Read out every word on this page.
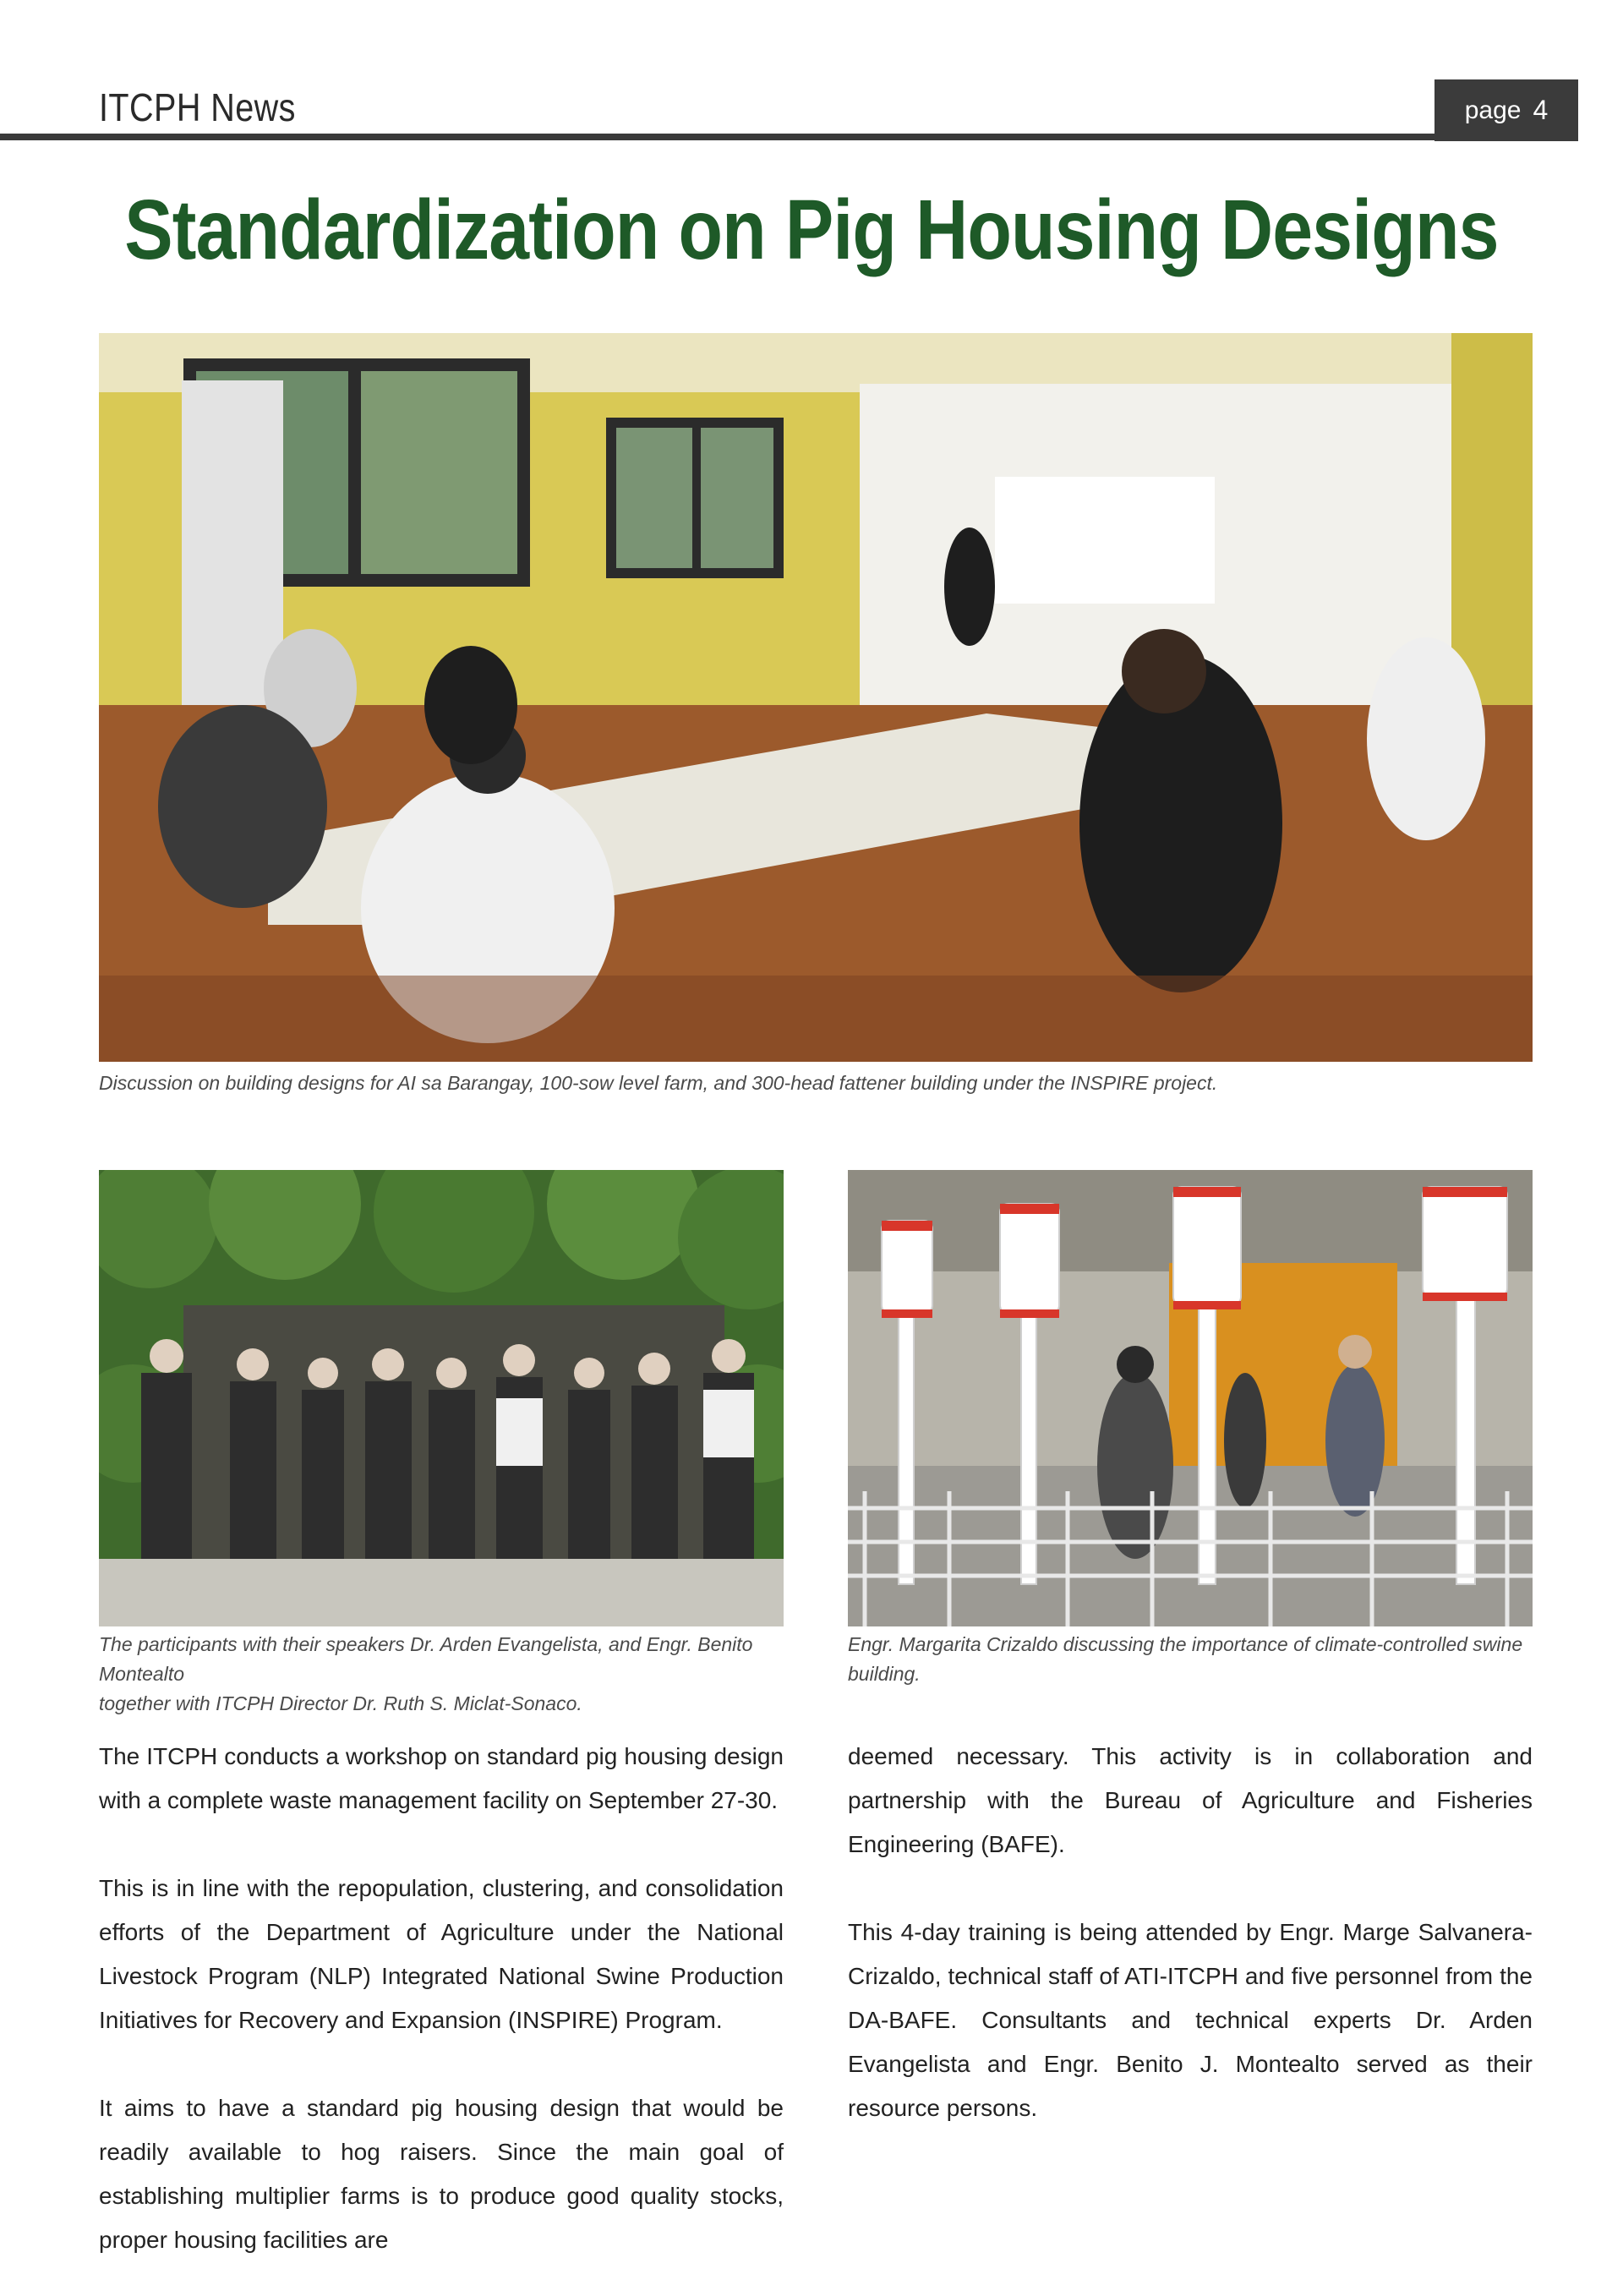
ITCPH News	page 4
Standardization on Pig Housing Designs
Discussion on building designs for AI sa Barangay, 100-sow level farm, and 300-head fattener building under the INSPIRE project.
The participants with their speakers Dr. Arden Evangelista, and Engr. Benito Montealto
together with ITCPH Director Dr. Ruth S. Miclat-Sonaco.
Engr. Margarita Crizaldo discussing the importance of climate-controlled swine
building.

The ITCPH conducts a workshop on standard pig housing design with a complete waste management facility on September 27-30.

This is in line with the repopulation, clustering, and consolidation efforts of the Department of Agriculture under the National Livestock Program (NLP) Integrated National Swine Production Initiatives for Recovery and Expansion (INSPIRE) Program.

It aims to have a standard pig housing design that would be readily available to hog raisers. Since the main goal of establishing multiplier farms is to produce good quality stocks, proper housing facilities are

deemed necessary. This activity is in collaboration and partnership with the Bureau of Agriculture and Fisheries Engineering (BAFE).

This 4-day training is being attended by Engr. Marge Salvanera-Crizaldo, technical staff of ATI-ITCPH and five personnel from the DA-BAFE. Consultants and technical experts Dr. Arden Evangelista and Engr. Benito J. Montealto served as their resource persons.
